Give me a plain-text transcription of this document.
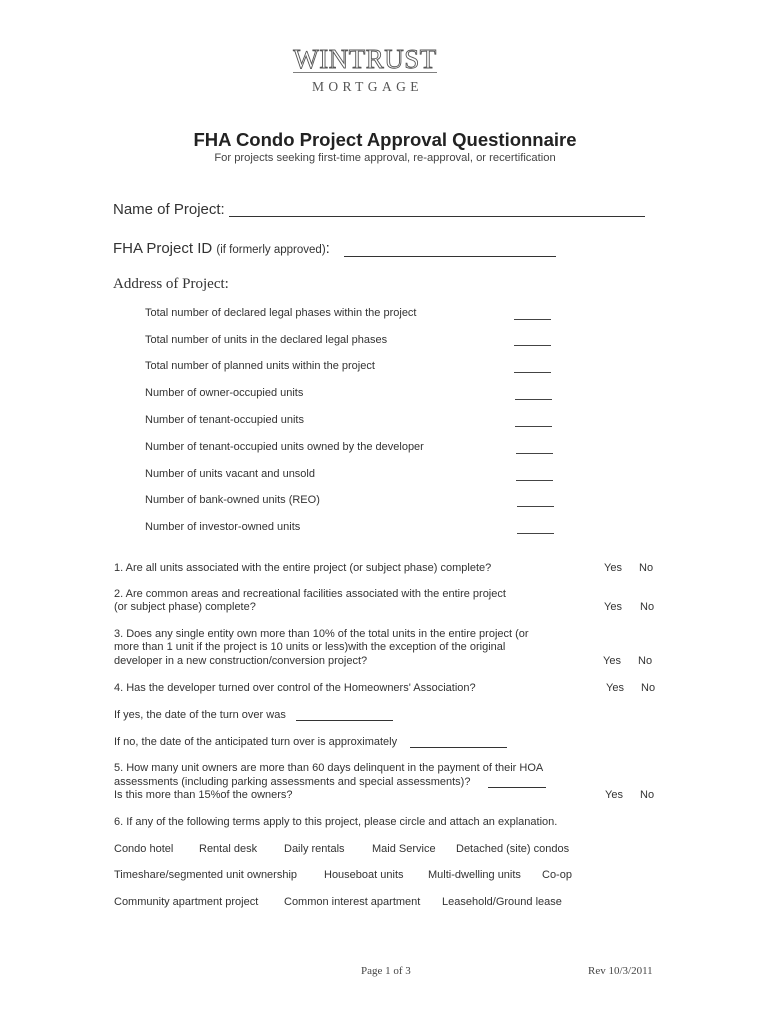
WINTRUST
MORTGAGE
FHA Condo Project Approval Questionnaire
For projects seeking first-time approval, re-approval, or recertification
Name of Project:
FHA Project ID (if formerly approved):
Address of Project:
Total number of declared legal phases within the project
Total number of units in the declared legal phases
Total number of planned units within the project
Number of owner-occupied units
Number of tenant-occupied units
Number of tenant-occupied units owned by the developer
Number of units vacant and unsold
Number of bank-owned units (REO)
Number of investor-owned units
1. Are all units associated with the entire project (or subject phase) complete?	Yes No
2. Are common areas and recreational facilities associated with the entire project
(or subject phase) complete?	Yes No
3. Does any single entity own more than 10% of the total units in the entire project (or
more than 1 unit if the project is 10 units or less)with the exception of the original
developer in a new construction/conversion project?	Yes No
4. Has the developer turned over control of the Homeowners' Association?	Yes No
If yes, the date of the turn over was
If no, the date of the anticipated turn over is approximately
5. How many unit owners are more than 60 days delinquent in the payment of their HOA
assessments (including parking assessments and special assessments)?
Is this more than 15%of the owners?	Yes No
6. If any of the following terms apply to this project, please circle and attach an explanation.
Condo hotel Rental desk Daily rentals Maid Service Detached (site) condos
Timeshare/segmented unit ownership Houseboat units Multi-dwelling units Co-op
Community apartment project Common interest apartment Leasehold/Ground lease
Page 1 of 3	Rev 10/3/2011
